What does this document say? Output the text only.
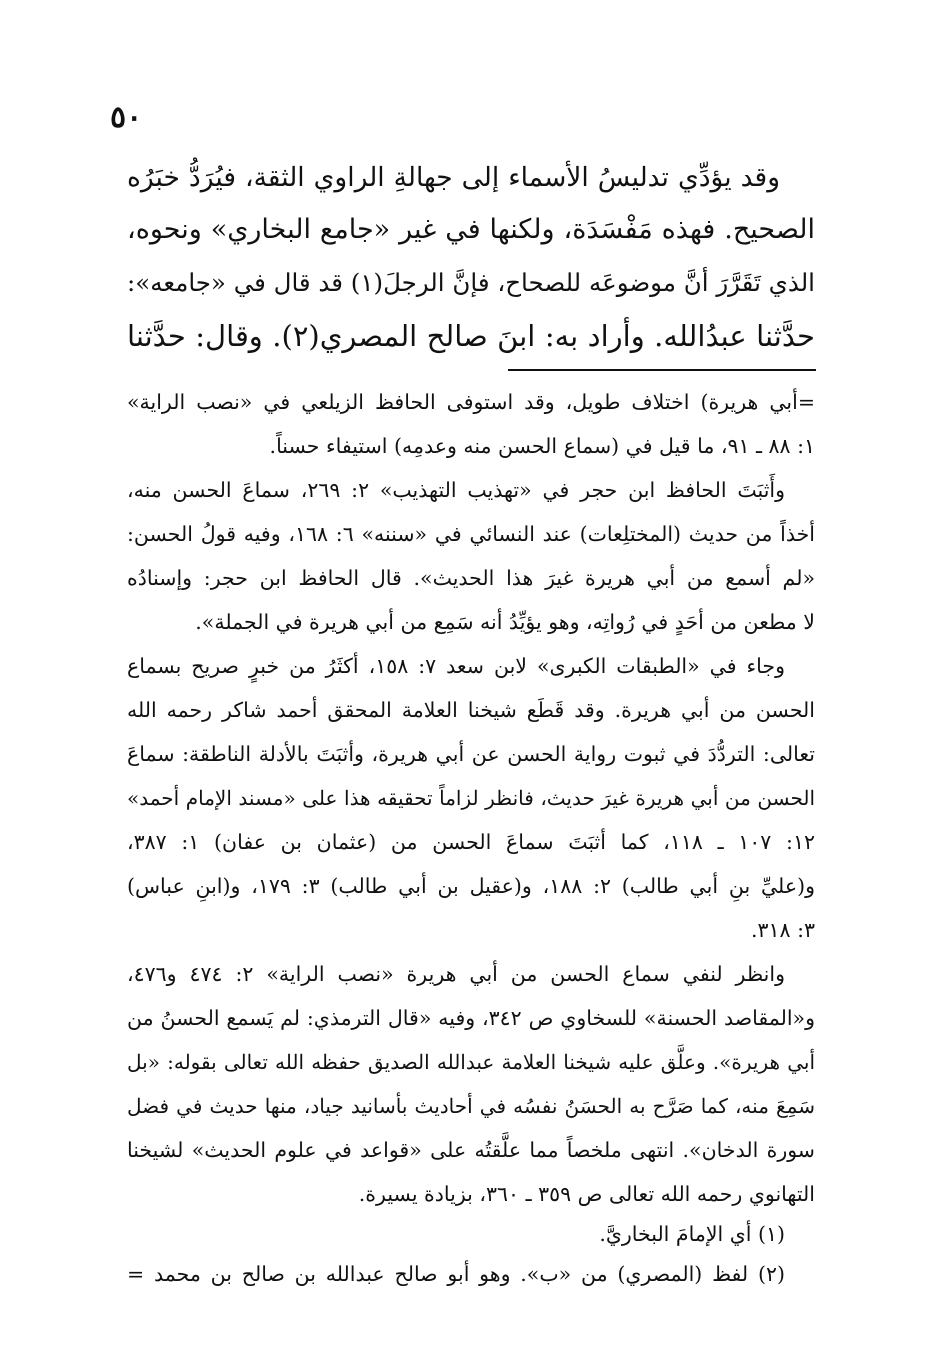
٥٠
وقد يؤدِّي تدليسُ الأسماء إلى جهالةِ الراوي الثقة، فيُرَدُّ خبَرُه
الصحيح. فهذه مَفْسَدَة، ولكنها في غير «جامع البخاري» ونحوه،
الذي تَقَرَّرَ أنَّ موضوعَه للصحاح، فإنَّ الرجلَ(١) قد قال في «جامعه»:
حدَّثنا عبدُالله. وأراد به: ابنَ صالح المصري(٢). وقال: حدَّثنا
=أبي هريرة) اختلاف طويل، وقد استوفى الحافظ الزيلعي في «نصب الراية»
١: ٨٨ ـ ٩١، ما قيل في (سماع الحسن منه وعدمِه) استيفاء حسناً.
وأَثبَتَ الحافظ ابن حجر في «تهذيب التهذيب» ٢: ٢٦٩، سماعَ الحسن منه،
أخذاً من حديث (المختلِعات) عند النسائي في «سننه» ٦: ١٦٨، وفيه قولُ الحسن:
«لم أسمع من أبي هريرة غيرَ هذا الحديث». قال الحافظ ابن حجر: وإسنادُه
لا مطعن من أحَدٍ في رُواتِه، وهو يؤيِّدُ أنه سَمِع من أبي هريرة في الجملة».
وجاء في «الطبقات الكبرى» لابن سعد ٧: ١٥٨، أكثَرُ من خبرٍ صريح بسماع
الحسن من أبي هريرة. وقد قَطَع شيخنا العلامة المحقق أحمد شاكر رحمه الله
تعالى: التردُّدَ في ثبوت رواية الحسن عن أبي هريرة، وأثبَتَ بالأدلة الناطقة: سماعَ
الحسن من أبي هريرة غيرَ حديث، فانظر لزاماً تحقيقه هذا على «مسند الإمام أحمد»
١٢: ١٠٧ ـ ١١٨، كما أثبَتَ سماعَ الحسن من (عثمان بن عفان) ١: ٣٨٧،
و(عليِّ بنِ أبي طالب) ٢: ١٨٨، و(عقيل بن أبي طالب) ٣: ١٧٩، و(ابنِ عباس)
٣: ٣١٨.
وانظر لنفي سماع الحسن من أبي هريرة «نصب الراية» ٢: ٤٧٤ و٤٧٦،
و«المقاصد الحسنة» للسخاوي ص ٣٤٢، وفيه «قال الترمذي: لم يَسمع الحسنُ من
أبي هريرة». وعلَّق عليه شيخنا العلامة عبدالله الصديق حفظه الله تعالى بقوله: «بل
سَمِعَ منه، كما صَرَّح به الحسَنُ نفسُه في أحاديث بأسانيد جياد، منها حديث في فضل
سورة الدخان». انتهى ملخصاً مما علَّقتُه على «قواعد في علوم الحديث» لشيخنا
التهانوي رحمه الله تعالى ص ٣٥٩ ـ ٣٦٠، بزيادة يسيرة.
(١) أي الإمامَ البخاريَّ.
(٢) لفظ (المصري) من «ب». وهو أبو صالح عبدالله بن صالح بن محمد =
